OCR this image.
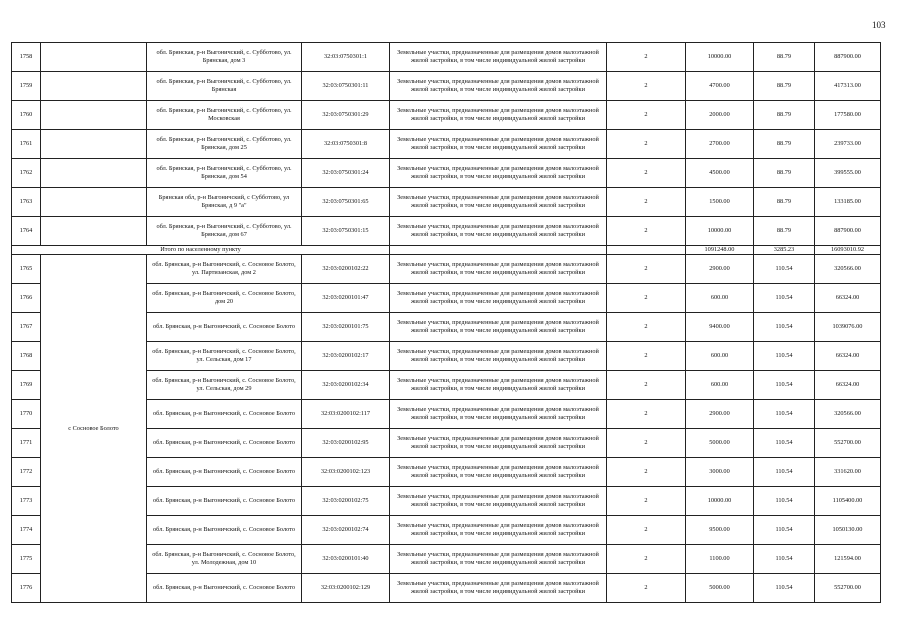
103
1758		обл. Брянская, р-н Выгоничский, с. Субботово, ул. Брянская, дом 3	32:03:0750301:1	Земельные участки, предназначенные для размещения домов малоэтажной жилой застройки, в том числе индивидуальной жилой застройки	2	10000.00	88.79	887900.00
1759		обл. Брянская, р-н Выгоничский, с. Субботово, ул. Брянская	32:03:0750301:11	Земельные участки, предназначенные для размещения домов малоэтажной жилой застройки, в том числе индивидуальной жилой застройки	2	4700.00	88.79	417313.00
1760		обл. Брянская, р-н Выгоничский, с. Субботово, ул. Московская	32:03:0750301:29	Земельные участки, предназначенные для размещения домов малоэтажной жилой застройки, в том числе индивидуальной жилой застройки	2	2000.00	88.79	177580.00
1761		обл. Брянская, р-н Выгоничский, с. Субботово, ул. Брянская, дом 25	32:03:0750301:8	Земельные участки, предназначенные для размещения домов малоэтажной жилой застройки, в том числе индивидуальной жилой застройки	2	2700.00	88.79	239733.00
1762		обл. Брянская, р-н Выгоничский, с. Субботово, ул. Брянская, дом 54	32:03:0750301:24	Земельные участки, предназначенные для размещения домов малоэтажной жилой застройки, в том числе индивидуальной жилой застройки	2	4500.00	88.79	399555.00
1763		Брянская обл, р-н Выгоничский, с Субботово, ул Брянская, д 9 "а"	32:03:0750301:65	Земельные участки, предназначенные для размещения домов малоэтажной жилой застройки, в том числе индивидуальной жилой застройки	2	1500.00	88.79	133185.00
1764		обл. Брянская, р-н Выгоничский, с. Субботово, ул. Брянская, дом 67	32:03:0750301:15	Земельные участки, предназначенные для размещения домов малоэтажной жилой застройки, в том числе индивидуальной жилой застройки	2	10000.00	88.79	887900.00
Итого по населенному пункту						1091248.00	3285.23	16093010.92
1765	с Сосновое Болото	обл. Брянская, р-н Выгоничский, с. Сосновое Болото, ул. Партизанская, дом 2	32:03:0200102:22	Земельные участки, предназначенные для размещения домов малоэтажной жилой застройки, в том числе индивидуальной жилой застройки	2	2900.00	110.54	320566.00
1766		обл. Брянская, р-н Выгоничский, с. Сосновое Болото, дом 20	32:03:0200101:47	Земельные участки, предназначенные для размещения домов малоэтажной жилой застройки, в том числе индивидуальной жилой застройки	2	600.00	110.54	66324.00
1767		обл. Брянская, р-н Выгоничский, с. Сосновое Болото	32:03:0200101:75	Земельные участки, предназначенные для размещения домов малоэтажной жилой застройки, в том числе индивидуальной жилой застройки	2	9400.00	110.54	1039076.00
1768		обл. Брянская, р-н Выгоничский, с. Сосновое Болото, ул. Сельская, дом 17	32:03:0200102:17	Земельные участки, предназначенные для размещения домов малоэтажной жилой застройки, в том числе индивидуальной жилой застройки	2	600.00	110.54	66324.00
1769		обл. Брянская, р-н Выгоничский, с. Сосновое Болото, ул. Сельская, дом 29	32:03:0200102:34	Земельные участки, предназначенные для размещения домов малоэтажной жилой застройки, в том числе индивидуальной жилой застройки	2	600.00	110.54	66324.00
1770		обл. Брянская, р-н Выгоничский, с. Сосновое Болото	32:03:0200102:117	Земельные участки, предназначенные для размещения домов малоэтажной жилой застройки, в том числе индивидуальной жилой застройки	2	2900.00	110.54	320566.00
1771		обл. Брянская, р-н Выгоничский, с. Сосновое Болото	32:03:0200102:95	Земельные участки, предназначенные для размещения домов малоэтажной жилой застройки, в том числе индивидуальной жилой застройки	2	5000.00	110.54	552700.00
1772		обл. Брянская, р-н Выгоничский, с. Сосновое Болото	32:03:0200102:123	Земельные участки, предназначенные для размещения домов малоэтажной жилой застройки, в том числе индивидуальной жилой застройки	2	3000.00	110.54	331620.00
1773		обл. Брянская, р-н Выгоничский, с. Сосновое Болото	32:03:0200102:75	Земельные участки, предназначенные для размещения домов малоэтажной жилой застройки, в том числе индивидуальной жилой застройки	2	10000.00	110.54	1105400.00
1774		обл. Брянская, р-н Выгоничский, с. Сосновое Болото	32:03:0200102:74	Земельные участки, предназначенные для размещения домов малоэтажной жилой застройки, в том числе индивидуальной жилой застройки	2	9500.00	110.54	1050130.00
1775		обл. Брянская, р-н Выгоничский, с. Сосновое Болото, ул. Молодежная, дом 10	32:03:0200101:40	Земельные участки, предназначенные для размещения домов малоэтажной жилой застройки, в том числе индивидуальной жилой застройки	2	1100.00	110.54	121594.00
1776		обл. Брянская, р-н Выгоничский, с. Сосновое Болото	32:03:0200102:129	Земельные участки, предназначенные для размещения домов малоэтажной жилой застройки, в том числе индивидуальной жилой застройки	2	5000.00	110.54	552700.00
